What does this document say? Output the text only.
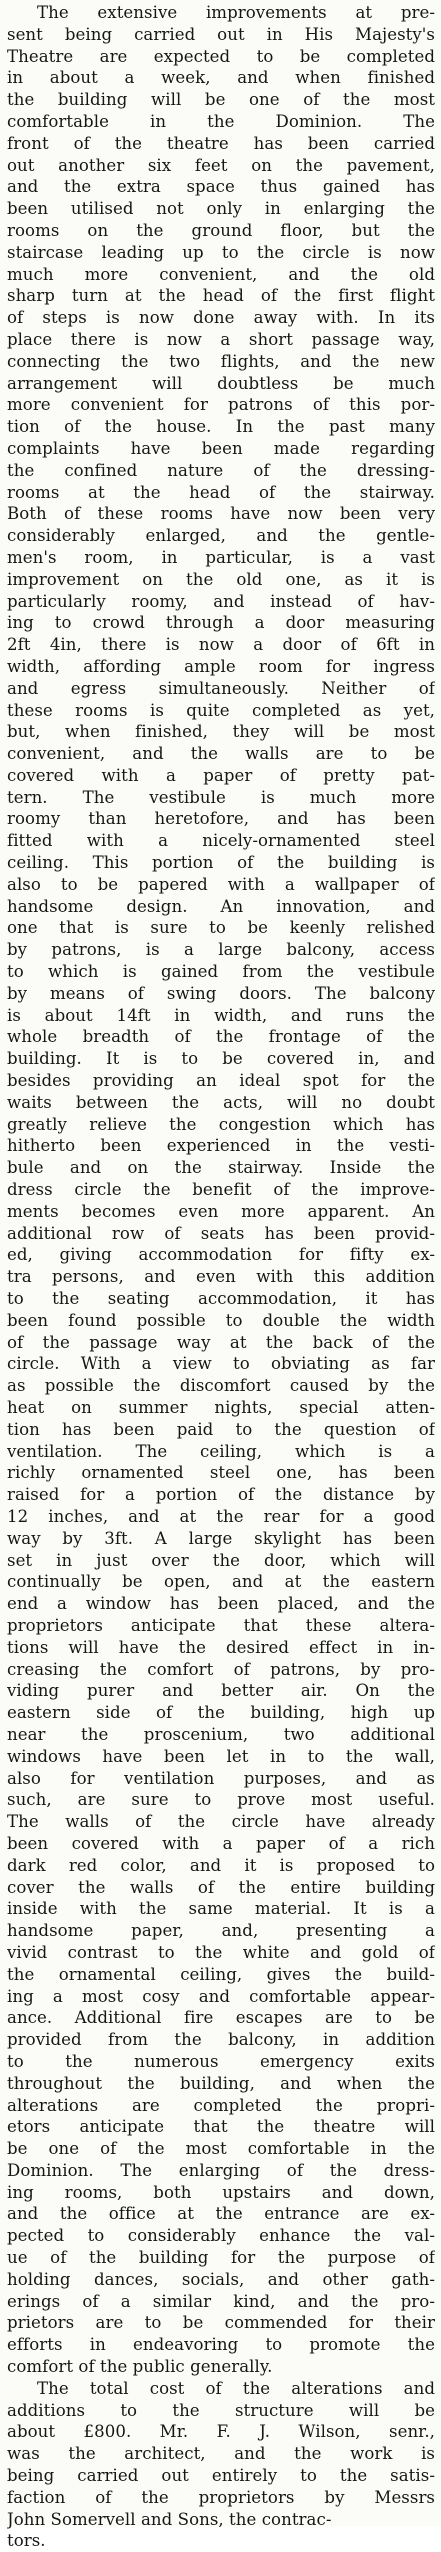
The extensive improvements at pre-
sent being carried out in His Majesty's
Theatre are expected to be completed
in about a week, and when finished
the building will be one of the most
comfortable in the Dominion. The
front of the theatre has been carried
out another six feet on the pavement,
and the extra space thus gained has
been utilised not only in enlarging the
rooms on the ground floor, but the
staircase leading up to the circle is now
much more convenient, and the old
sharp turn at the head of the first flight
of steps is now done away with. In its
place there is now a short passage way,
connecting the two flights, and the new
arrangement will doubtless be much
more convenient for patrons of this por-
tion of the house. In the past many
complaints have been made regarding
the confined nature of the dressing-
rooms at the head of the stairway.
Both of these rooms have now been very
considerably enlarged, and the gentle-
men's room, in particular, is a vast
improvement on the old one, as it is
particularly roomy, and instead of hav-
ing to crowd through a door measuring
2ft 4in, there is now a door of 6ft in
width, affording ample room for ingress
and egress simultaneously. Neither of
these rooms is quite completed as yet,
but, when finished, they will be most
convenient, and the walls are to be
covered with a paper of pretty pat-
tern. The vestibule is much more
roomy than heretofore, and has been
fitted with a nicely-ornamented steel
ceiling. This portion of the building is
also to be papered with a wallpaper of
handsome design. An innovation, and
one that is sure to be keenly relished
by patrons, is a large balcony, access
to which is gained from the vestibule
by means of swing doors. The balcony
is about 14ft in width, and runs the
whole breadth of the frontage of the
building. It is to be covered in, and
besides providing an ideal spot for the
waits between the acts, will no doubt
greatly relieve the congestion which has
hitherto been experienced in the vesti-
bule and on the stairway. Inside the
dress circle the benefit of the improve-
ments becomes even more apparent. An
additional row of seats has been provid-
ed, giving accommodation for fifty ex-
tra persons, and even with this addition
to the seating accommodation, it has
been found possible to double the width
of the passage way at the back of the
circle. With a view to obviating as far
as possible the discomfort caused by the
heat on summer nights, special atten-
tion has been paid to the question of
ventilation. The ceiling, which is a
richly ornamented steel one, has been
raised for a portion of the distance by
12 inches, and at the rear for a good
way by 3ft. A large skylight has been
set in just over the door, which will
continually be open, and at the eastern
end a window has been placed, and the
proprietors anticipate that these altera-
tions will have the desired effect in in-
creasing the comfort of patrons, by pro-
viding purer and better air. On the
eastern side of the building, high up
near the proscenium, two additional
windows have been let in to the wall,
also for ventilation purposes, and as
such, are sure to prove most useful.
The walls of the circle have already
been covered with a paper of a rich
dark red color, and it is proposed to
cover the walls of the entire building
inside with the same material. It is a
handsome paper, and, presenting a
vivid contrast to the white and gold of
the ornamental ceiling, gives the build-
ing a most cosy and comfortable appear-
ance. Additional fire escapes are to be
provided from the balcony, in addition
to the numerous emergency exits
throughout the building, and when the
alterations are completed the propri-
etors anticipate that the theatre will
be one of the most comfortable in the
Dominion. The enlarging of the dress-
ing rooms, both upstairs and down,
and the office at the entrance are ex-
pected to considerably enhance the val-
ue of the building for the purpose of
holding dances, socials, and other gath-
erings of a similar kind, and the pro-
prietors are to be commended for their
efforts in endeavoring to promote the
comfort of the public generally.
The total cost of the alterations and
additions to the structure will be
about £800. Mr. F. J. Wilson, senr.,
was the architect, and the work is
being carried out entirely to the satis-
faction of the proprietors by Messrs
John Somervell and Sons, the contrac-
tors.
